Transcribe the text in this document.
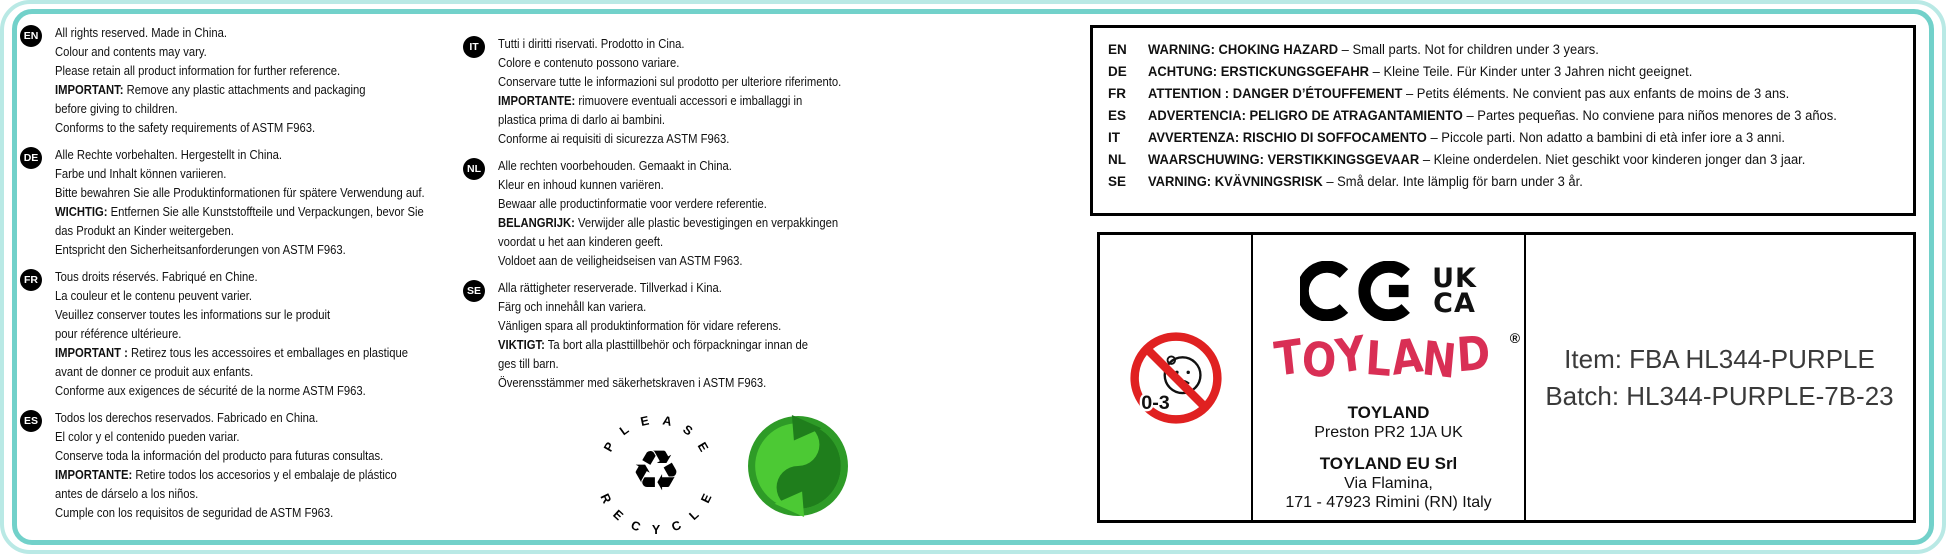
EN All rights reserved. Made in China.
Colour and contents may vary.
Please retain all product information for further reference.
IMPORTANT: Remove any plastic attachments and packaging
before giving to children.
Conforms to the safety requirements of ASTM F963.
DE Alle Rechte vorbehalten. Hergestellt in China.
Farbe und Inhalt können variieren.
Bitte bewahren Sie alle Produktinformationen für spätere Verwendung auf.
WICHTIG: Entfernen Sie alle Kunststoffteile und Verpackungen, bevor Sie
das Produkt an Kinder weitergeben.
Entspricht den Sicherheitsanforderungen von ASTM F963.
FR	Tous droits réservés. Fabriqué en Chine.
La couleur et le contenu peuvent varier.
Veuillez conserver toutes les informations sur le produit
pour référence ultérieure.
IMPORTANT : Retirez tous les accessoires et emballages en plastique
avant de donner ce produit aux enfants.
Conforme aux exigences de sécurité de la norme ASTM F963.
ES	Todos los derechos reservados. Fabricado en China.
El color y el contenido pueden variar.
Conserve toda la información del producto para futuras consultas.
IMPORTANTE: Retire todos los accesorios y el embalaje de plástico
antes de dárselo a los niños.
Cumple con los requisitos de seguridad de ASTM F963.
IT	Tutti i diritti riservati. Prodotto in Cina.
Colore e contenuto possono variare.
Conservare tutte le informazioni sul prodotto per ulteriore riferimento.
IMPORTANTE: rimuovere eventuali accessori e imballaggi in
plastica prima di darlo ai bambini.
Conforme ai requisiti di sicurezza ASTM F963.
NL	Alle rechten voorbehouden. Gemaakt in China.
Kleur en inhoud kunnen variëren.
Bewaar alle productinformatie voor verdere referentie.
BELANGRIJK: Verwijder alle plastic bevestigingen en verpakkingen
voordat u het aan kinderen geeft.
Voldoet aan de veiligheidseisen van ASTM F963.
SE	Alla rättigheter reserverade. Tillverkad i Kina.
Färg och innehåll kan variera.
Vänligen spara all produktinformation för vidare referens.
VIKTIGT: Ta bort alla plasttillbehör och förpackningar innan de
ges till barn.
Överensstämmer med säkerhetskraven i ASTM F963.
♻
P
L
E A
S
E
R
E
C Y C
L
E
EN	WARNING: CHOKING HAZARD – Small parts. Not for children under 3 years.
DE	ACHTUNG: ERSTICKUNGSGEFAHR – Kleine Teile. Für Kinder unter 3 Jahren nicht geeignet.
FR	ATTENTION : DANGER D’ÉTOUFFEMENT – Petits éléments. Ne convient pas aux enfants de moins de 3 ans.
ES	ADVERTENCIA: PELIGRO DE ATRAGANTAMIENTO – Partes pequeñas. No conviene para niños menores de 3 años.
IT	AVVERTENZA: RISCHIO DI SOFFOCAMENTO – Piccole parti. Non adatto a bambini di età infer iore a 3 anni.
NL	WAARSCHUWING: VERSTIKKINGSGEVAAR – Kleine onderdelen. Niet geschikt voor kinderen jonger dan 3 jaar.
SE	VARNING: KVÄVNINGSRISK – Små delar. Inte lämplig för barn under 3 år.
0-3
UK
CA
T
O
Y
L
A
N
D ®
TOYLAND
Preston PR2 1JA UK
TOYLAND EU Srl
Via Flamina,
171 - 47923 Rimini (RN) Italy
Item: FBA HL344-PURPLE
Batch: HL344-PURPLE-7B-23
